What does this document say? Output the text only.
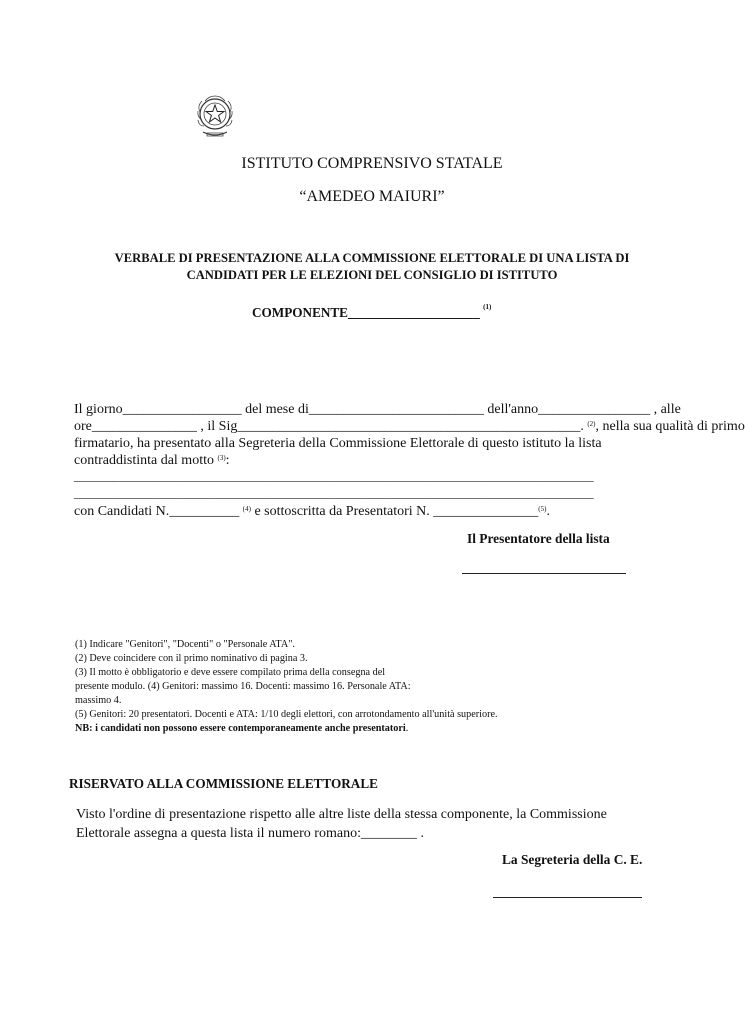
ISTITUTO COMPRENSIVO STATALE
“AMEDEO MAIURI”
VERBALE DI PRESENTAZIONE ALLA COMMISSIONE ELETTORALE DI UNA LISTA DI
CANDIDATI PER LE ELEZIONI DEL CONSIGLIO DI ISTITUTO
COMPONENTE____________________ $^{(1)}$
Il giorno_________________ del mese di_________________________ dell'anno________________ , alle
ore_______________ , il Sig_________________________________________________. $^{(2)}$, nella sua qualità di primo
firmatario, ha presentato alla Segreteria della Commissione Elettorale di questo istituto la lista
contraddistinta dal motto $^{(3)}$:
____________________________________________________________________________________________
____________________________________________________________________________________________
con Candidati N.__________ $^{(4)}$ e sottoscritta da Presentatori N. _______________$^{(5)}$.
Il Presentatore della lista
(1) Indicare "Genitori", "Docenti" o "Personale ATA".
(2) Deve coincidere con il primo nominativo di pagina 3.
(3) Il motto è obbligatorio e deve essere compilato prima della consegna del
presente modulo. (4) Genitori: massimo 16. Docenti: massimo 16. Personale ATA:
massimo 4.
(5) Genitori: 20 presentatori. Docenti e ATA: 1/10 degli elettori, con arrotondamento all'unità superiore.
NB: i candidati non possono essere contemporaneamente anche presentatori.
RISERVATO ALLA COMMISSIONE ELETTORALE
Visto l'ordine di presentazione rispetto alle altre liste della stessa componente, la Commissione
Elettorale assegna a questa lista il numero romano:________ .
La Segreteria della C. E.
